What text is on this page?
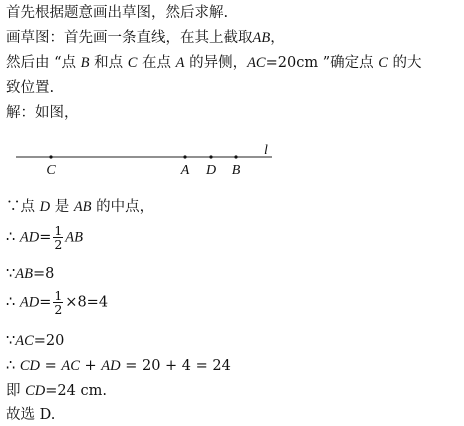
首先根据题意画出草图，然后求解.
画草图：首先画一条直线，在其上截取AB，
然后由 “点 B 和点 C 在点 A 的异侧，AC=20cm ”确定点 C 的大
致位置.
解：如图，
l
C	A D B
∵点 D 是 AB 的中点，
∴ $AD= \frac{1}{2}$ AB
∵AB=8
∴ $AD= \frac{1}{2} \times 8=4$
∵AC=20
∴ CD = AC + AD = 20 + 4 = 24
即 CD=24 cm.
故选 D.
